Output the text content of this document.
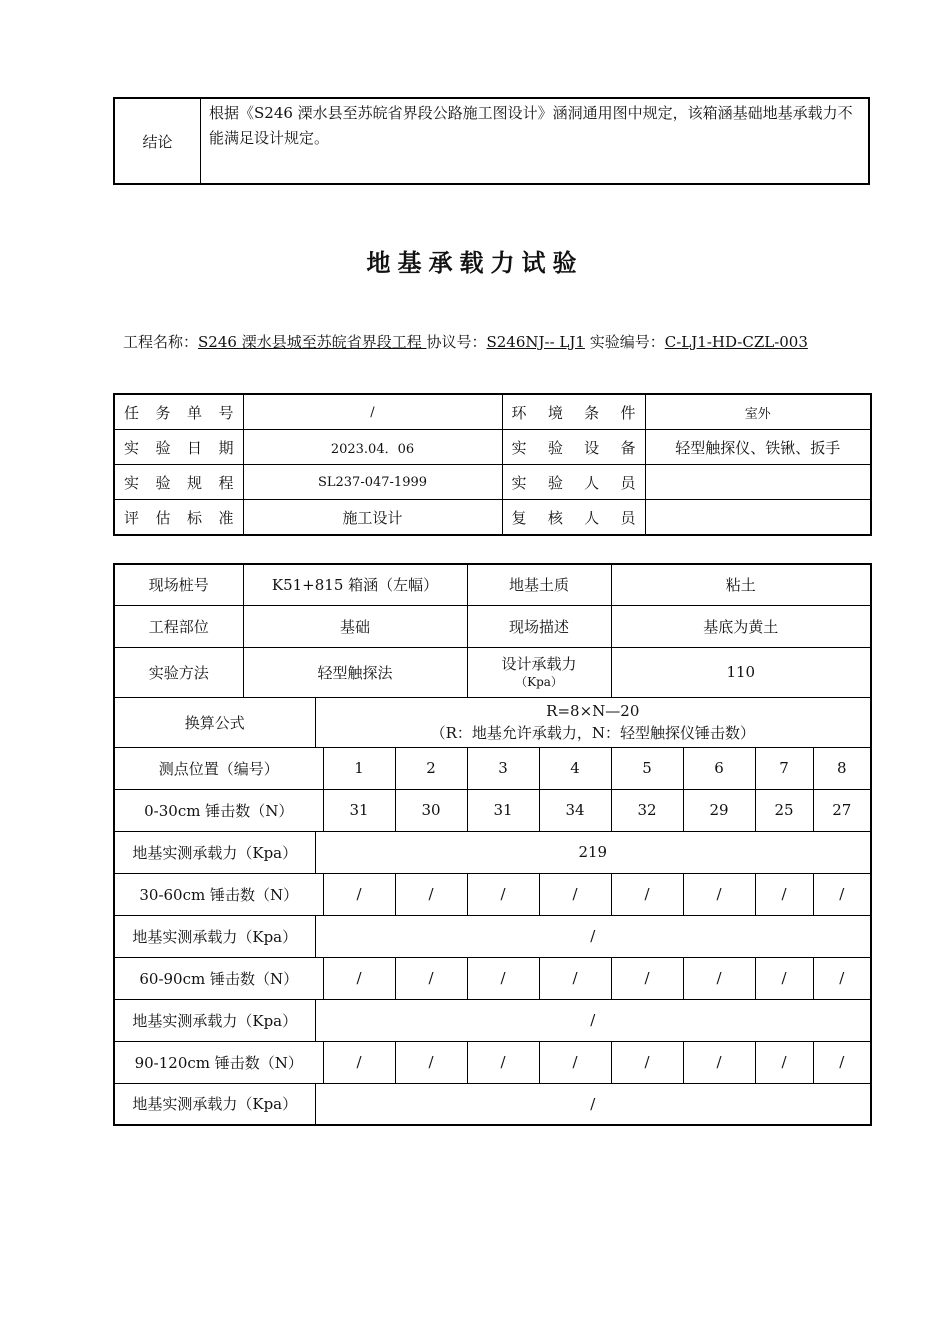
结论	根据《S246 溧水县至苏皖省界段公路施工图设计》涵洞通用图中规定，该箱涵基础地基承载力不能满足设计规定。
地基承载力试验
工程名称：S246 溧水县城至苏皖省界段工程 协议号：S246NJ-- LJ1 实验编号：C-LJ1-HD-CZL-003
任务单号	/	环境条件	室外
实验日期	2023.04．06	实验设备	轻型触探仪、铁锹、扳手
实验规程	SL237-047-1999	实验人员	
评估标准	施工设计	复核人员	
现场桩号	K51+815 箱涵（左幅）				地基土质		粘土			
工程部位	基础				现场描述		基底为黄土			
实验方法	轻型触探法				设计承载力
（Kpa）		110			
换算公式		R=8×N—20
（R：地基允许承载力，N：轻型触探仪锤击数）								

测点位置（编号）			1	2	3	4	5	6	7	8
0-30cm 锤击数（N）			31	30	31	34	32	29	25	27
地基实测承载力（Kpa）		219								
30-60cm 锤击数（N）			/	/	/	/	/	/	/	/
地基实测承载力（Kpa）		/								
60-90cm 锤击数（N）			/	/	/	/	/	/	/	/
地基实测承载力（Kpa）		/								
90-120cm 锤击数（N）			/	/	/	/	/	/	/	/
地基实测承载力（Kpa）		/								
